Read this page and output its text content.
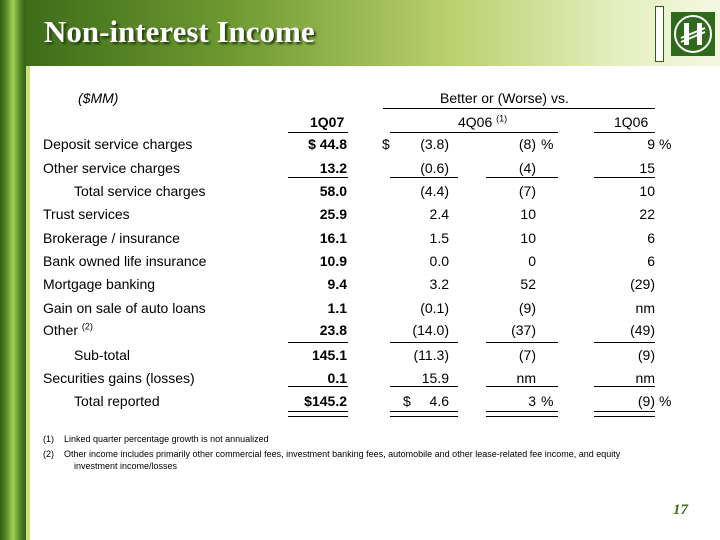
Non-interest Income
($MM)	Better or (Worse) vs.
1Q07	4Q06 $^{(1)}$	1Q06
Deposit service charges	$ 44.8	$	(3.8)	(8) %	9 %
Other service charges	13.2	(0.6)	(4)	15
Total service charges	58.0	(4.4)	(7)	10
Trust services	25.9	2.4	10	22
Brokerage / insurance	16.1	1.5	10	6
Bank owned life insurance	10.9	0.0	0	6
Mortgage banking	9.4	3.2	52	(29)
Gain on sale of auto loans	1.1	(0.1)	(9)	nm
Other $^{(2)}$	23.8	(14.0)	(37)	(49)
Sub-total	145.1	(11.3)	(7)	(9)
Securities gains (losses)	0.1	15.9	nm	nm
Total reported	$145.2	$	4.6	3 %	(9) %
(1) Linked quarter percentage growth is not annualized
(2) Other income includes primarily other commercial fees, investment banking fees, automobile and other lease-related fee income, and equity
investment income/losses
17
